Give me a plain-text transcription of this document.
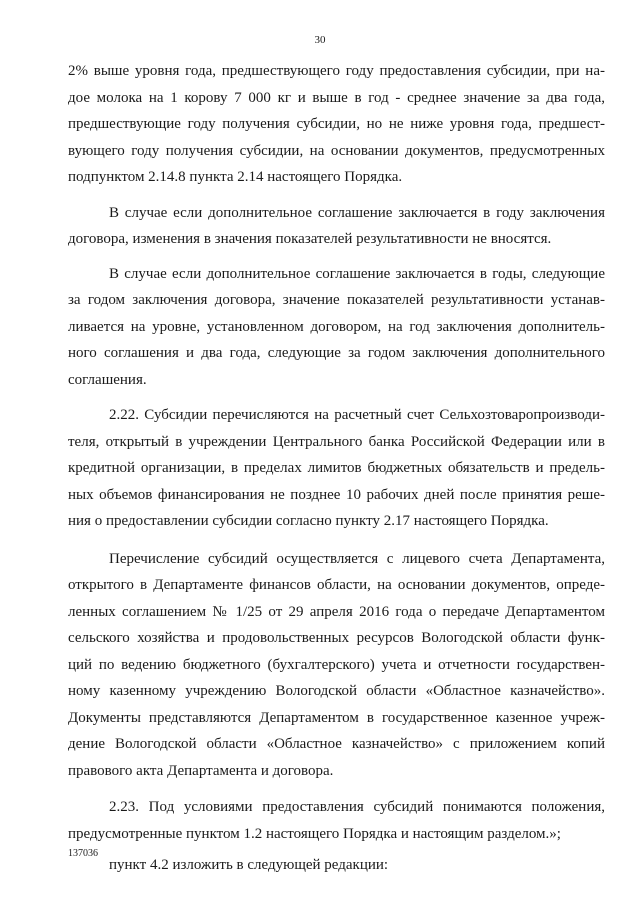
30
2% выше уровня года, предшествующего году предоставления субсидии, при на-
дое молока на 1 корову 7 000 кг и выше в год - среднее значение за два года,
предшествующие году получения субсидии, но не ниже уровня года, предшест-
вующего году получения субсидии, на основании документов, предусмотренных
подпунктом 2.14.8 пункта 2.14 настоящего Порядка.
В случае если дополнительное соглашение заключается в году заключения
договора, изменения в значения показателей результативности не вносятся.
В случае если дополнительное соглашение заключается в годы, следующие
за годом заключения договора, значение показателей результативности устанав-
ливается на уровне, установленном договором, на год заключения дополнитель-
ного соглашения и два года, следующие за годом заключения дополнительного
соглашения.
2.22. Субсидии перечисляются на расчетный счет Сельхозтоваропроизводи-
теля, открытый в учреждении Центрального банка Российской Федерации или в
кредитной организации, в пределах лимитов бюджетных обязательств и предель-
ных объемов финансирования не позднее 10 рабочих дней после принятия реше-
ния о предоставлении субсидии согласно пункту 2.17 настоящего Порядка.
Перечисление субсидий осуществляется с лицевого счета Департамента,
открытого в Департаменте финансов области, на основании документов, опреде-
ленных соглашением № 1/25 от 29 апреля 2016 года о передаче Департаментом
сельского хозяйства и продовольственных ресурсов Вологодской области функ-
ций по ведению бюджетного (бухгалтерского) учета и отчетности государствен-
ному казенному учреждению Вологодской области «Областное казначейство».
Документы представляются Департаментом в государственное казенное учреж-
дение Вологодской области «Областное казначейство» с приложением копий
правового акта Департамента и договора.
2.23. Под условиями предоставления субсидий понимаются положения,
предусмотренные пунктом 1.2 настоящего Порядка и настоящим разделом.»;
пункт 4.2 изложить в следующей редакции:
137036
